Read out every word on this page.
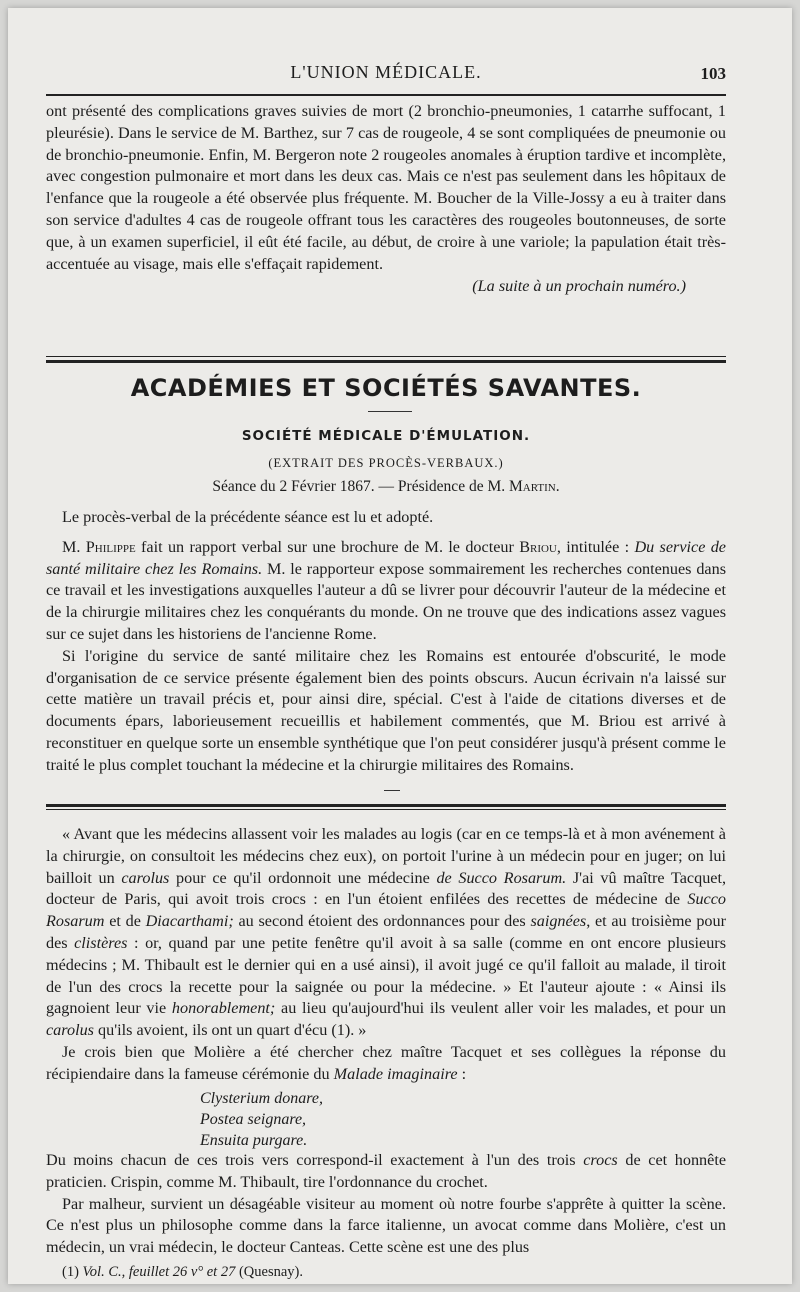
L'UNION MÉDICALE.	103

ont présenté des complications graves suivies de mort (2 bronchio-pneumonies, 1 catarrhe suffocant, 1 pleurésie). Dans le service de M. Barthez, sur 7 cas de rougeole, 4 se sont compliquées de pneumonie ou de bronchio-pneumonie. Enfin, M. Bergeron note 2 rougeoles anomales à éruption tardive et incomplète, avec congestion pulmonaire et mort dans les deux cas. Mais ce n'est pas seulement dans les hôpitaux de l'enfance que la rougeole a été observée plus fréquente. M. Boucher de la Ville-Jossy a eu à traiter dans son service d'adultes 4 cas de rougeole offrant tous les caractères des rougeoles boutonneuses, de sorte que, à un examen superficiel, il eût été facile, au début, de croire à une variole; la papulation était très-accentuée au visage, mais elle s'effaçait rapidement.

(La suite à un prochain numéro.)

ACADÉMIES ET SOCIÉTÉS SAVANTES.
SOCIÉTÉ MÉDICALE D'ÉMULATION.
(EXTRAIT DES PROCÈS-VERBAUX.)
Séance du 2 Février 1867. — Présidence de M. Martin.

Le procès-verbal de la précédente séance est lu et adopté.

M. Philippe fait un rapport verbal sur une brochure de M. le docteur Briou, intitulée : Du service de santé militaire chez les Romains. M. le rapporteur expose sommairement les recherches contenues dans ce travail et les investigations auxquelles l'auteur a dû se livrer pour découvrir l'auteur de la médecine et de la chirurgie militaires chez les conquérants du monde. On ne trouve que des indications assez vagues sur ce sujet dans les historiens de l'ancienne Rome.

Si l'origine du service de santé militaire chez les Romains est entourée d'obscurité, le mode d'organisation de ce service présente également bien des points obscurs. Aucun écrivain n'a laissé sur cette matière un travail précis et, pour ainsi dire, spécial. C'est à l'aide de citations diverses et de documents épars, laborieusement recueillis et habilement commentés, que M. Briou est arrivé à reconstituer en quelque sorte un ensemble synthétique que l'on peut considérer jusqu'à présent comme le traité le plus complet touchant la médecine et la chirurgie militaires des Romains.

« Avant que les médecins allassent voir les malades au logis (car en ce temps-là et à mon avénement à la chirurgie, on consultoit les médecins chez eux), on portoit l'urine à un médecin pour en juger; on lui bailloit un carolus pour ce qu'il ordonnoit une médecine de Succo Rosarum. J'ai vû maître Tacquet, docteur de Paris, qui avoit trois crocs : en l'un étoient enfilées des recettes de médecine de Succo Rosarum et de Diacarthami; au second étoient des ordonnances pour des saignées, et au troisième pour des clistères : or, quand par une petite fenêtre qu'il avoit à sa salle (comme en ont encore plusieurs médecins ; M. Thibault est le dernier qui en a usé ainsi), il avoit jugé ce qu'il falloit au malade, il tiroit de l'un des crocs la recette pour la saignée ou pour la médecine. » Et l'auteur ajoute : « Ainsi ils gagnoient leur vie honorablement; au lieu qu'aujourd'hui ils veulent aller voir les malades, et pour un carolus qu'ils avoient, ils ont un quart d'écu (1). »

Je crois bien que Molière a été chercher chez maître Tacquet et ses collègues la réponse du récipiendaire dans la fameuse cérémonie du Malade imaginaire :

Clysterium donare,
Postea seignare,
Ensuita purgare.

Du moins chacun de ces trois vers correspond-il exactement à l'un des trois crocs de cet honnête praticien. Crispin, comme M. Thibault, tire l'ordonnance du crochet.

Par malheur, survient un désagéable visiteur au moment où notre fourbe s'apprête à quitter la scène. Ce n'est plus un philosophe comme dans la farce italienne, un avocat comme dans Molière, c'est un médecin, un vrai médecin, le docteur Canteas. Cette scène est une des plus

(1) Vol. C., feuillet 26 v° et 27 (Quesnay).
